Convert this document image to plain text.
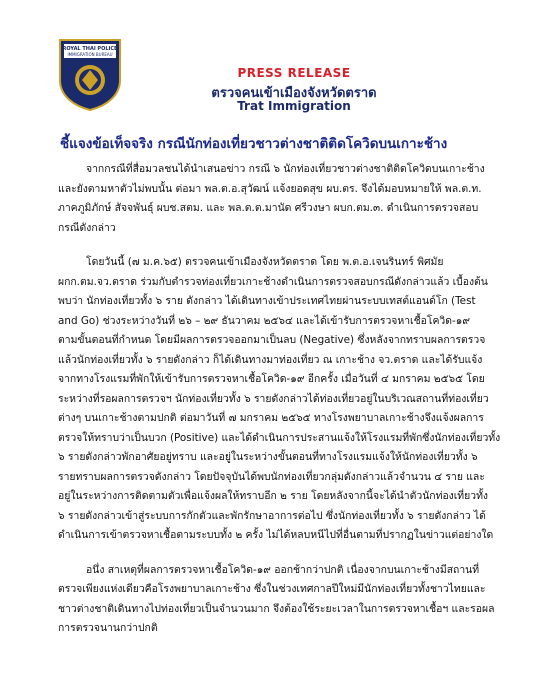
ROYAL THAI POLICE
IMMIGRATION BUREAU
PRESS RELEASE
ตรวจคนเข้าเมืองจังหวัดตราด
Trat Immigration
ชี้แจงข้อเท็จจริง กรณีนักท่องเที่ยวชาวต่างชาติติดโควิดบนเกาะช้าง
จากกรณีที่สื่อมวลชนได้นำเสนอข่าว กรณี ๖ นักท่องเที่ยวชาวต่างชาติติดโควิดบนเกาะช้าง
และยังตามหาตัวไม่พบนั้น ต่อมา พล.ต.อ.สุวัฒน์ แจ้งยอดสุข ผบ.ตร. จึงได้มอบหมายให้ พล.ต.ท.
ภาคภูมิภักษ์ สัจจพันธุ์ ผบช.สตม. และ พล.ต.ต.มานัด ศรีวงษา ผบก.ตม.๓. ดำเนินการตรวจสอบ
กรณีดังกล่าว
โดยวันนี้ (๗ ม.ค.๖๕) ตรวจคนเข้าเมืองจังหวัดตราด โดย พ.ต.อ.เจนรินทร์ พิศมัย
ผกก.ตม.จว.ตราด ร่วมกับตำรวจท่องเที่ยวเกาะช้างดำเนินการตรวจสอบกรณีดังกล่าวแล้ว เบื้องต้น
พบว่า นักท่องเที่ยวทั้ง ๖ ราย ดังกล่าว ได้เดินทางเข้าประเทศไทยผ่านระบบเทสต์แอนด์โก (Test
and Go) ช่วงระหว่างวันที่ ๒๖ – ๒๙ ธันวาคม ๒๕๖๔ และได้เข้ารับการตรวจหาเชื้อโควิด-๑๙
ตามขั้นตอนที่กำหนด โดยมีผลการตรวจออกมาเป็นลบ (Negative) ซึ่งหลังจากทราบผลการตรวจ
แล้วนักท่องเที่ยวทั้ง ๖ รายดังกล่าว ก็ได้เดินทางมาท่องเที่ยว ณ เกาะช้าง จว.ตราด และได้รับแจ้ง
จากทางโรงแรมที่พักให้เข้ารับการตรวจหาเชื้อโควิด-๑๙ อีกครั้ง เมื่อวันที่ ๔ มกราคม ๒๕๖๕ โดย
ระหว่างที่รอผลการตรวจฯ นักท่องเที่ยวทั้ง ๖ รายดังกล่าวได้ท่องเที่ยวอยู่ในบริเวณสถานที่ท่องเที่ยว
ต่างๆ บนเกาะช้างตามปกติ ต่อมาวันที่ ๗ มกราคม ๒๕๖๕ ทางโรงพยาบาลเกาะช้างจึงแจ้งผลการ
ตรวจให้ทราบว่าเป็นบวก (Positive) และได้ดำเนินการประสานแจ้งให้โรงแรมที่พักซึ่งนักท่องเที่ยวทั้ง
๖ รายดังกล่าวพักอาศัยอยู่ทราบ และอยู่ในระหว่างขั้นตอนที่ทางโรงแรมแจ้งให้นักท่องเที่ยวทั้ง ๖
รายทราบผลการตรวจดังกล่าว โดยปัจจุบันได้พบนักท่องเที่ยวกลุ่มดังกล่าวแล้วจำนวน ๔ ราย และ
อยู่ในระหว่างการติดตามตัวเพื่อแจ้งผลให้ทราบอีก ๒ ราย โดยหลังจากนี้จะได้นำตัวนักท่องเที่ยวทั้ง
๖ รายดังกล่าวเข้าสู่ระบบการกักตัวและพักรักษาอาการต่อไป ซึ่งนักท่องเที่ยวทั้ง ๖ รายดังกล่าว ได้
ดำเนินการเข้าตรวจหาเชื้อตามระบบทั้ง ๒ ครั้ง ไม่ได้หลบหนีไปที่อื่นตามที่ปรากฏในข่าวแต่อย่างใด
อนึ่ง สาเหตุที่ผลการตรวจหาเชื้อโควิด-๑๙ ออกช้ากว่าปกติ เนื่องจากบนเกาะช้างมีสถานที่
ตรวจเพียงแห่งเดียวคือโรงพยาบาลเกาะช้าง ซึ่งในช่วงเทศกาลปีใหม่มีนักท่องเที่ยวทั้งชาวไทยและ
ชาวต่างชาติเดินทางไปท่องเที่ยวเป็นจำนวนมาก จึงต้องใช้ระยะเวลาในการตรวจหาเชื้อฯ และรอผล
การตรวจนานกว่าปกติ
